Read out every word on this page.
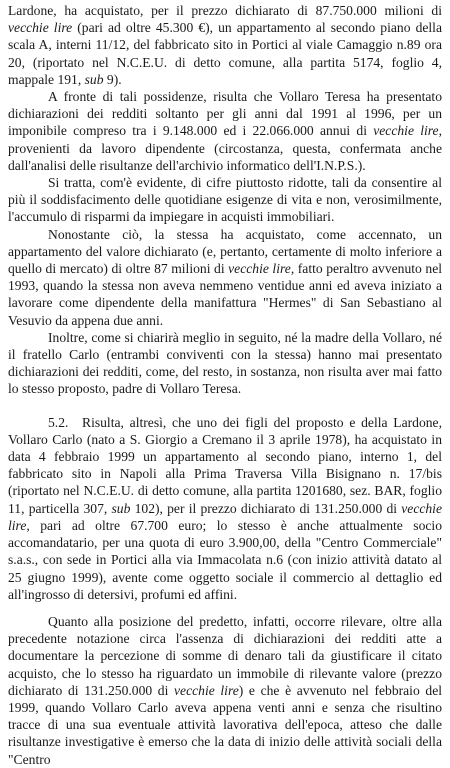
Lardone, ha acquistato, per il prezzo dichiarato di 87.750.000 milioni di vecchie lire (pari ad oltre 45.300 €), un appartamento al secondo piano della scala A, interni 11/12, del fabbricato sito in Portici al viale Camaggio n.89 ora 20, (riportato nel N.C.E.U. di detto comune, alla partita 5174, foglio 4, mappale 191, sub 9).

A fronte di tali possidenze, risulta che Vollaro Teresa ha presentato dichiarazioni dei redditi soltanto per gli anni dal 1991 al 1996, per un imponibile compreso tra i 9.148.000 ed i 22.066.000 annui di vecchie lire, provenienti da lavoro dipendente (circostanza, questa, confermata anche dall'analisi delle risultanze dell'archivio informatico dell'I.N.P.S.).

Si tratta, com'è evidente, di cifre piuttosto ridotte, tali da consentire al più il soddisfacimento delle quotidiane esigenze di vita e non, verosimilmente, l'accumulo di risparmi da impiegare in acquisti immobiliari.

Nonostante ciò, la stessa ha acquistato, come accennato, un appartamento del valore dichiarato (e, pertanto, certamente di molto inferiore a quello di mercato) di oltre 87 milioni di vecchie lire, fatto peraltro avvenuto nel 1993, quando la stessa non aveva nemmeno ventidue anni ed aveva iniziato a lavorare come dipendente della manifattura "Hermes" di San Sebastiano al Vesuvio da appena due anni.

Inoltre, come si chiarirà meglio in seguito, né la madre della Vollaro, né il fratello Carlo (entrambi conviventi con la stessa) hanno mai presentato dichiarazioni dei redditi, come, del resto, in sostanza, non risulta aver mai fatto lo stesso proposto, padre di Vollaro Teresa.

5.2. Risulta, altresì, che uno dei figli del proposto e della Lardone, Vollaro Carlo (nato a S. Giorgio a Cremano il 3 aprile 1978), ha acquistato in data 4 febbraio 1999 un appartamento al secondo piano, interno 1, del fabbricato sito in Napoli alla Prima Traversa Villa Bisignano n. 17/bis (riportato nel N.C.E.U. di detto comune, alla partita 1201680, sez. BAR, foglio 11, particella 307, sub 102), per il prezzo dichiarato di 131.250.000 di vecchie lire, pari ad oltre 67.700 euro; lo stesso è anche attualmente socio accomandatario, per una quota di euro 3.900,00, della "Centro Commerciale" s.a.s., con sede in Portici alla via Immacolata n.6 (con inizio attività datato al 25 giugno 1999), avente come oggetto sociale il commercio al dettaglio ed all'ingrosso di detersivi, profumi ed affini.

Quanto alla posizione del predetto, infatti, occorre rilevare, oltre alla precedente notazione circa l'assenza di dichiarazioni dei redditi atte a documentare la percezione di somme di denaro tali da giustificare il citato acquisto, che lo stesso ha riguardato un immobile di rilevante valore (prezzo dichiarato di 131.250.000 di vecchie lire) e che è avvenuto nel febbraio del 1999, quando Vollaro Carlo aveva appena venti anni e senza che risultino tracce di una sua eventuale attività lavorativa dell'epoca, atteso che dalle risultanze investigative è emerso che la data di inizio delle attività sociali della "Centro
